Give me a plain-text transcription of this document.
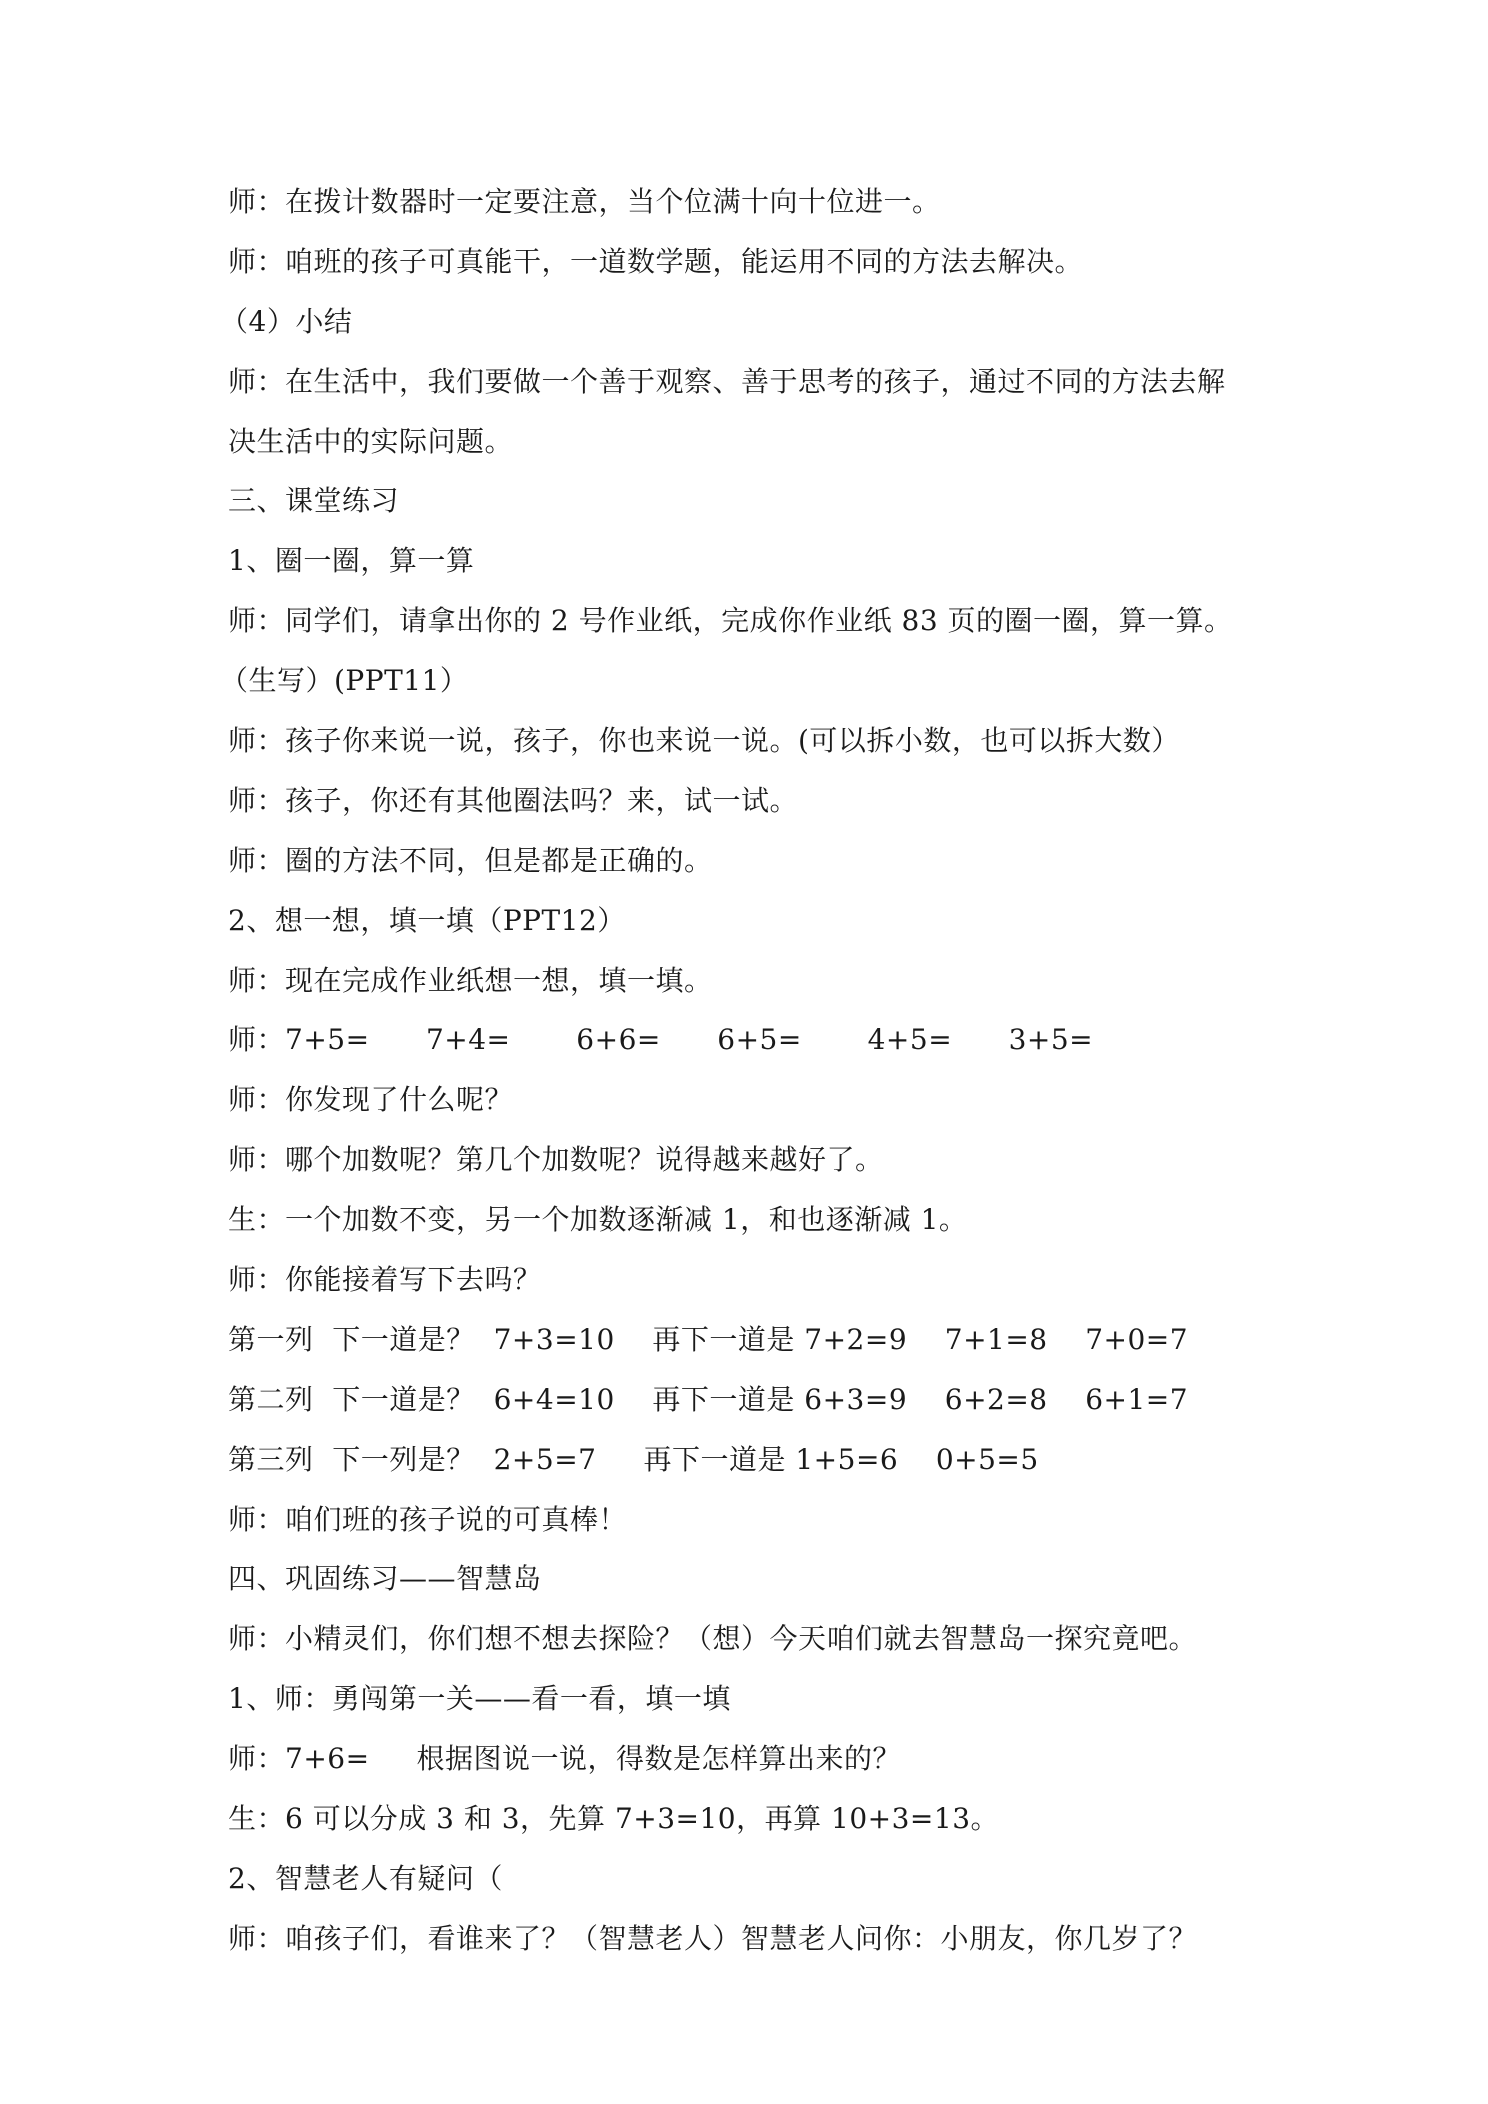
师：在拨计数器时一定要注意，当个位满十向十位进一。
师：咱班的孩子可真能干，一道数学题，能运用不同的方法去解决。
（4）小结
师：在生活中，我们要做一个善于观察、善于思考的孩子，通过不同的方法去解
决生活中的实际问题。
三、课堂练习
1、圈一圈，算一算
师：同学们，请拿出你的 2 号作业纸，完成你作业纸 83 页的圈一圈，算一算。
（生写）(PPT11）
师：孩子你来说一说，孩子，你也来说一说。(可以拆小数，也可以拆大数）
师：孩子，你还有其他圈法吗？来，试一试。
师：圈的方法不同，但是都是正确的。
2、想一想，填一填（PPT12）
师：现在完成作业纸想一想，填一填。
师：7+5=      7+4=       6+6=      6+5=       4+5=      3+5=
师：你发现了什么呢？
师：哪个加数呢？第几个加数呢？说得越来越好了。
生：一个加数不变，另一个加数逐渐减 1，和也逐渐减 1。
师：你能接着写下去吗？
第一列  下一道是？  7+3=10    再下一道是 7+2=9    7+1=8    7+0=7
第二列  下一道是？  6+4=10    再下一道是 6+3=9    6+2=8    6+1=7
第三列  下一列是？  2+5=7     再下一道是 1+5=6    0+5=5
师：咱们班的孩子说的可真棒！
四、巩固练习——智慧岛
师：小精灵们，你们想不想去探险？（想）今天咱们就去智慧岛一探究竟吧。
1、师：勇闯第一关——看一看，填一填
师：7+6=     根据图说一说，得数是怎样算出来的？
生：6 可以分成 3 和 3，先算 7+3=10，再算 10+3=13。
2、智慧老人有疑问（
师：咱孩子们，看谁来了？（智慧老人）智慧老人问你：小朋友，你几岁了？
